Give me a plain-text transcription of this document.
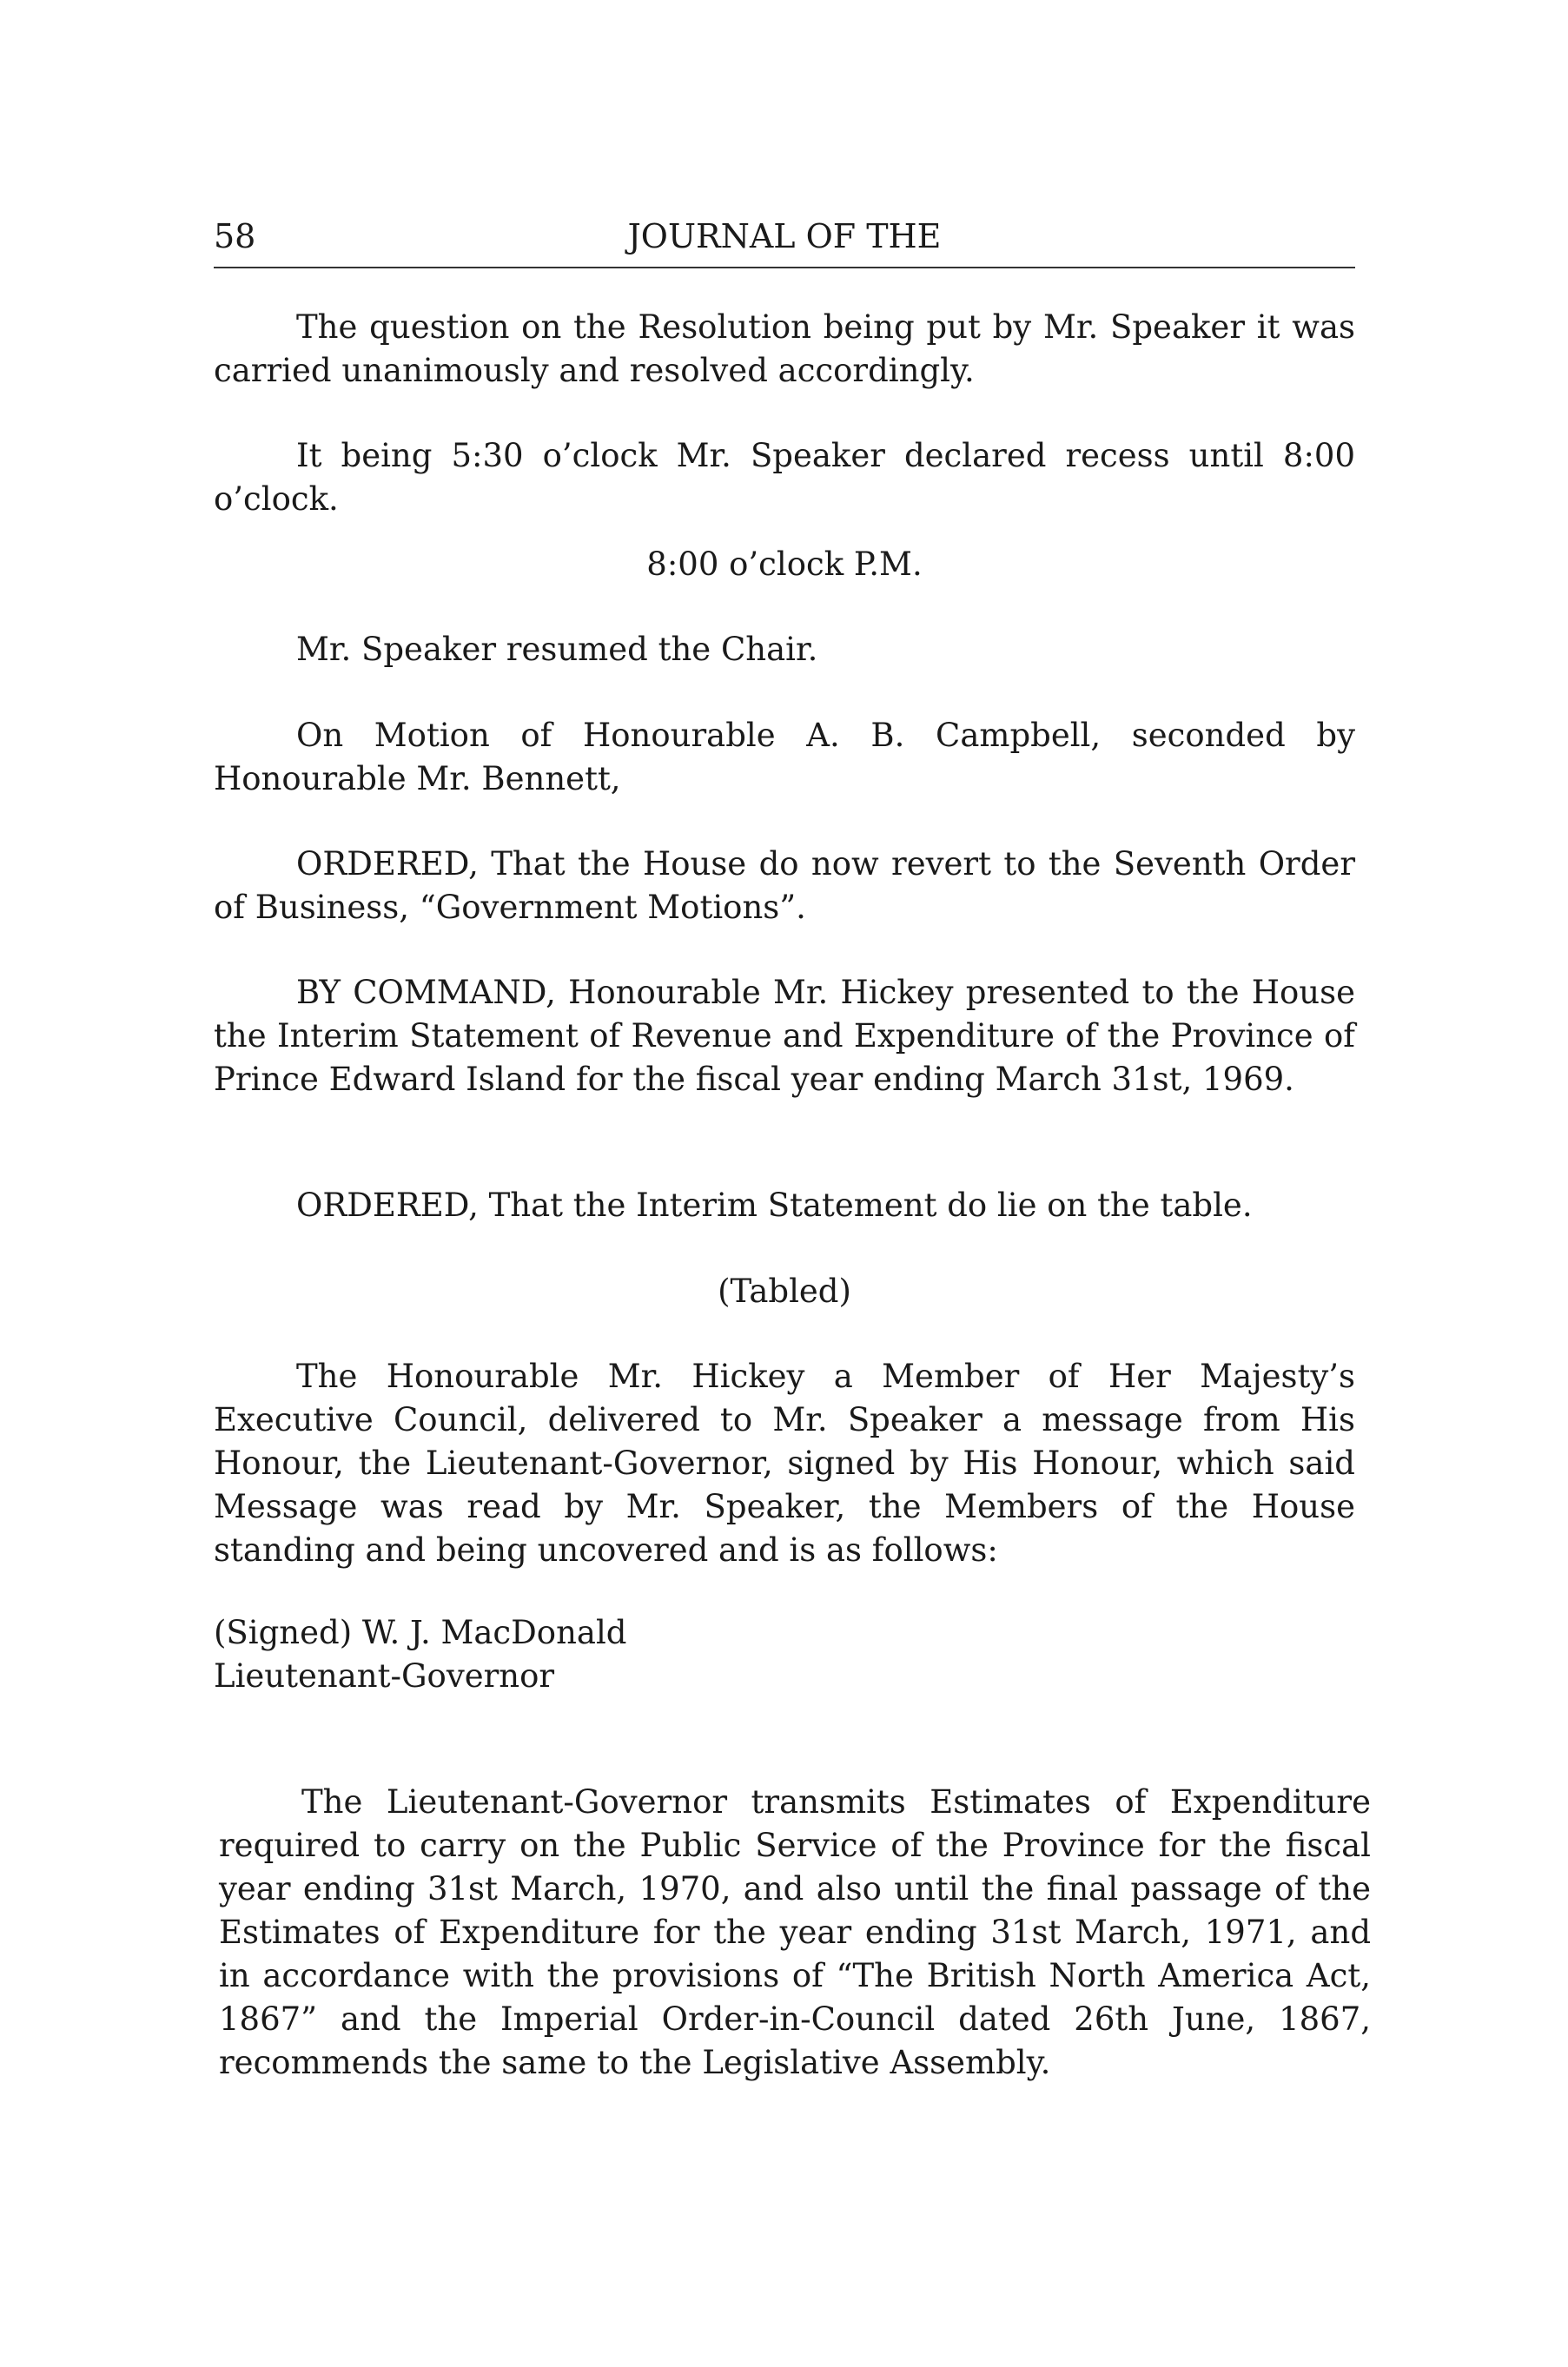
58	JOURNAL OF THE

The question on the Resolution being put by Mr. Speaker it was carried unanimously and resolved accordingly.

It being 5:30 o’clock Mr. Speaker declared recess until 8:00 o’clock.

8:00 o’clock P.M.

Mr. Speaker resumed the Chair.

On Motion of Honourable A. B. Campbell, seconded by Honourable Mr. Bennett,

ORDERED, That the House do now revert to the Seventh Order of Business, “Government Motions”.

BY COMMAND, Honourable Mr. Hickey presented to the House the Interim Statement of Revenue and Expenditure of the Province of Prince Edward Island for the fiscal year ending March 31st, 1969.

ORDERED, That the Interim Statement do lie on the table.

(Tabled)

The Honourable Mr. Hickey a Member of Her Majesty’s Executive Council, delivered to Mr. Speaker a message from His Honour, the Lieutenant-Governor, signed by His Honour, which said Message was read by Mr. Speaker, the Members of the House standing and being uncovered and is as follows:

(Signed) W. J. MacDonald

Lieutenant-Governor

The Lieutenant-Governor transmits Estimates of Expenditure required to carry on the Public Service of the Province for the fiscal year ending 31st March, 1970, and also until the final passage of the Estimates of Expenditure for the year ending 31st March, 1971, and in accordance with the provisions of “The British North America Act, 1867” and the Imperial Order-in-Council dated 26th June, 1867, recommends the same to the Legislative Assembly.
